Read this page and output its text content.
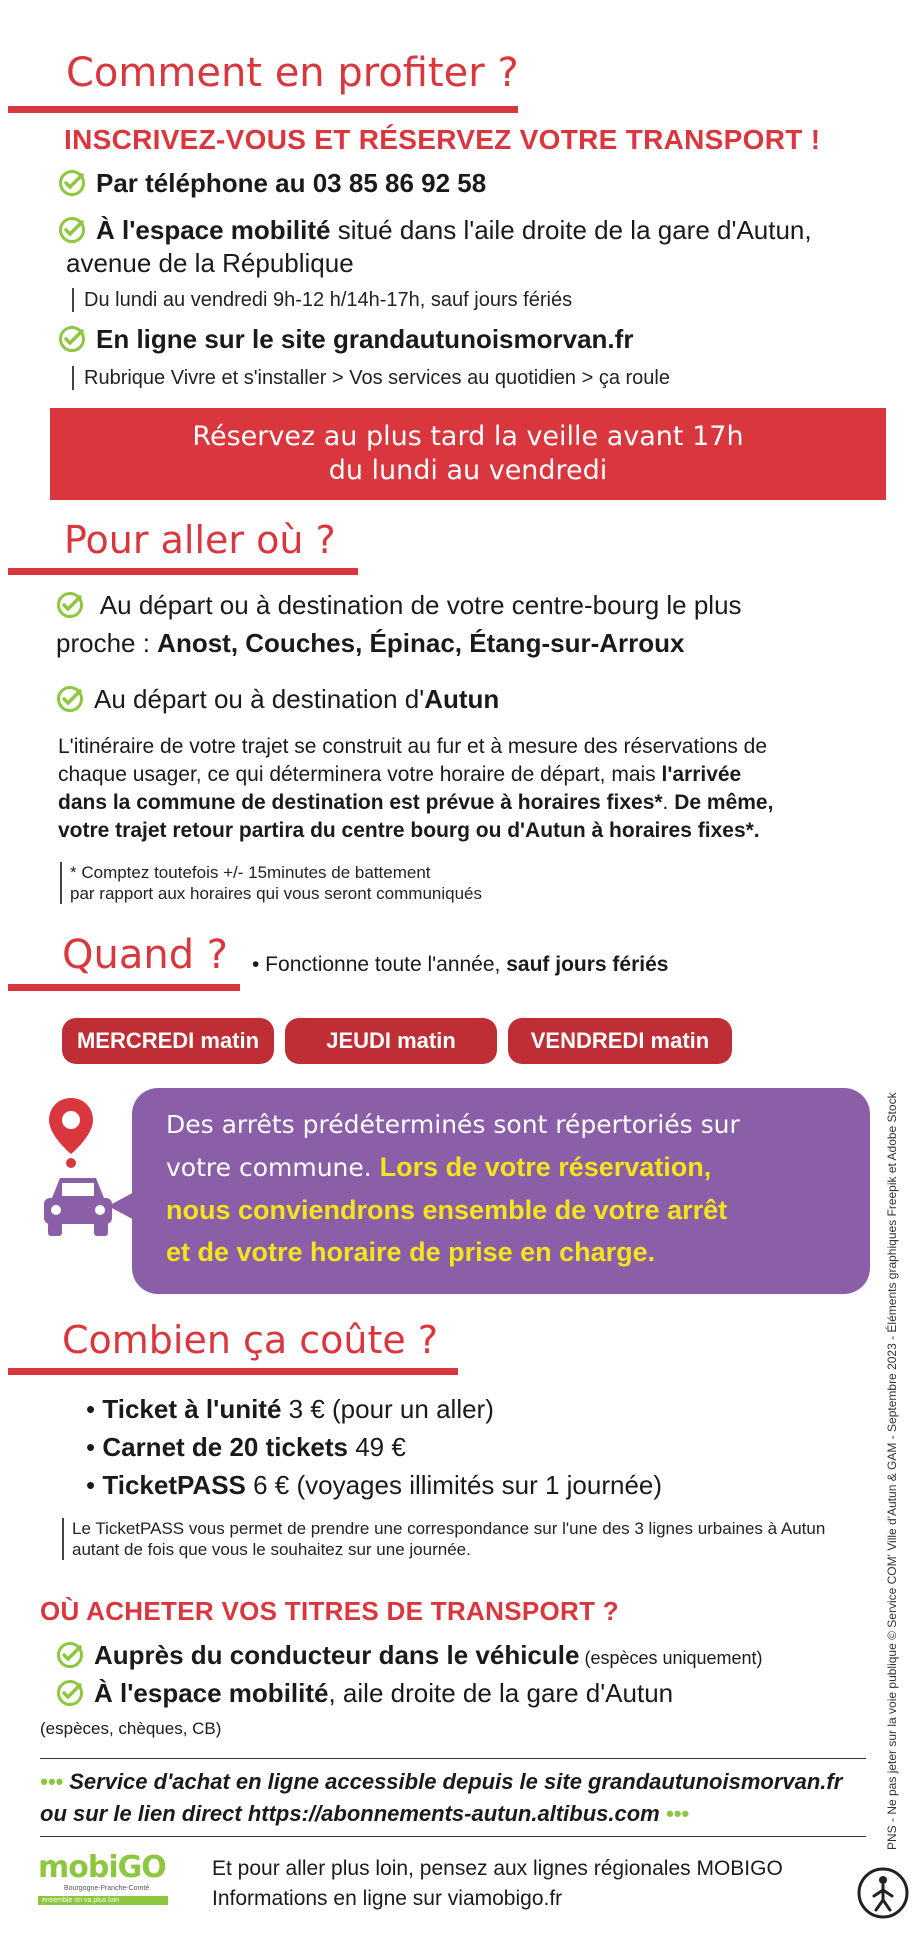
Comment en profiter ?
INSCRIVEZ-VOUS ET RÉSERVEZ VOTRE TRANSPORT !
Par téléphone au 03 85 86 92 58
À l'espace mobilité situé dans l'aile droite de la gare d'Autun,
avenue de la République
Du lundi au vendredi 9h-12 h/14h-17h, sauf jours fériés
En ligne sur le site grandautunoismorvan.fr
Rubrique Vivre et s'installer > Vos services au quotidien > ça roule
Réservez au plus tard la veille avant 17h
du lundi au vendredi
Pour aller où ?
Au départ ou à destination de votre centre-bourg le plus
proche : Anost, Couches, Épinac, Étang-sur-Arroux
Au départ ou à destination d'Autun
L'itinéraire de votre trajet se construit au fur et à mesure des réservations de
chaque usager, ce qui déterminera votre horaire de départ, mais l'arrivée
dans la commune de destination est prévue à horaires fixes*. De même,
votre trajet retour partira du centre bourg ou d'Autun à horaires fixes*.
* Comptez toutefois +/- 15minutes de battement
par rapport aux horaires qui vous seront communiqués
Quand ? • Fonctionne toute l'année, sauf jours fériés
MERCREDI matin	JEUDI matin	VENDREDI matin
Des arrêts prédéterminés sont répertoriés sur
votre commune. Lors de votre réservation,
nous conviendrons ensemble de votre arrêt
et de votre horaire de prise en charge.
Combien ça coûte ?
• Ticket à l'unité 3 € (pour un aller)
• Carnet de 20 tickets 49 €
• TicketPASS 6 € (voyages illimités sur 1 journée)
Le TicketPASS vous permet de prendre une correspondance sur l'une des 3 lignes urbaines à Autun
autant de fois que vous le souhaitez sur une journée.
OÙ ACHETER VOS TITRES DE TRANSPORT ?
Auprès du conducteur dans le véhicule (espèces uniquement)
À l'espace mobilité, aile droite de la gare d'Autun
(espèces, chèques, CB)
••• Service d'achat en ligne accessible depuis le site grandautunoismorvan.fr
ou sur le lien direct https://abonnements-autun.altibus.com •••
mobiGO
Bourgogne-Franche-Comté
ensemble on va plus loin
Et pour aller plus loin, pensez aux lignes régionales MOBIGO
Informations en ligne sur viamobigo.fr
PNS - Ne pas jeter sur la voie publique © Service COM' Ville d'Autun & GAM - Septembre 2023 - Éléments graphiques Freepik et Adobe Stock
